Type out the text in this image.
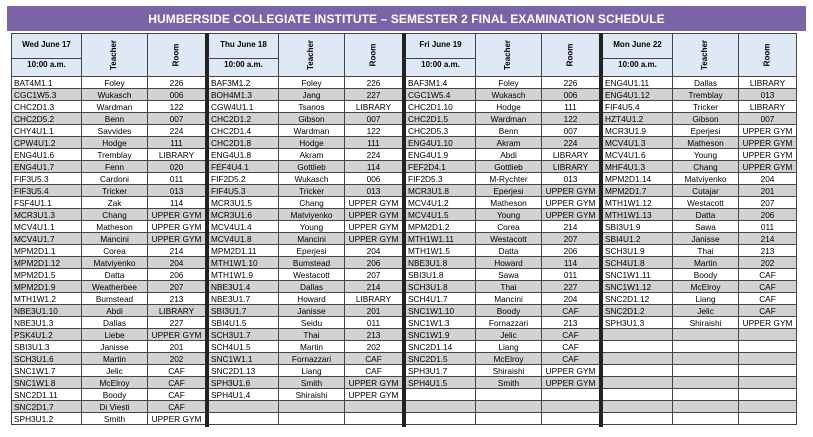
HUMBERSIDE COLLEGIATE INSTITUTE – SEMESTER 2 FINAL EXAMINATION SCHEDULE
Wed June 17
10:00 a.m.	Teacher	Room

BAT4M1.1	Foley	226
CGC1W5.3	Wukasch	006
CHC2D1.3	Wardman	122
CHC2D5.2	Benn	007
CHY4U1.1	Savvides	224
CPW4U1.2	Hodge	111
ENG4U1.6	Tremblay	LIBRARY
ENG4U1.7	Fenn	020
FIF3U5.3	Cardoni	011
FIF3U5.4	Tricker	013
FSF4U1.1	Zak	114
MCR3U1.3	Chang	UPPER GYM
MCV4U1.1	Matheson	UPPER GYM
MCV4U1.7	Mancini	UPPER GYM
MPM2D1.1	Corea	214
MPM2D1.12	Matviyenko	204
MPM2D1.5	Datta	206
MPM2D1.9	Weatherbee	207
MTH1W1.2	Bumstead	213
NBE3U1.10	Abdi	LIBRARY
NBE3U1.3	Dallas	227
PSK4U1.2	Liebe	UPPER GYM
SBI3U1.3	Janisse	201
SCH3U1.6	Martin	202
SNC1W1.7	Jelic	CAF
SNC1W1.8	McElroy	CAF
SNC2D1.11	Boody	CAF
SNC2D1.7	Di Viesti	CAF
SPH3U1.2	Smith	UPPER GYM
Thu June 18
10:00 a.m.	Teacher	Room

BAF3M1.2	Foley	226
BOH4M1.3	Jang	227
CGW4U1.1	Tsanos	LIBRARY
CHC2D1.2	Gibson	007
CHC2D1.4	Wardman	122
CHC2D1.8	Hodge	111
ENG4U1.8	Akram	224
FEF4U4.1	Gottlieb	114
FIF2D5.2	Wukasch	006
FIF4U5.3	Tricker	013
MCR3U1.5	Chang	UPPER GYM
MCR3U1.6	Matviyenko	UPPER GYM
MCV4U1.4	Young	UPPER GYM
MCV4U1.8	Mancini	UPPER GYM
MPM2D1.11	Eperjesi	204
MTH1W1.10	Bumstead	206
MTH1W1.9	Westacott	207
NBE3U1.4	Dallas	214
NBE3U1.7	Howard	LIBRARY
SBI3U1.7	Janisse	201
SBI4U1.5	Seidu	011
SCH3U1.7	Thai	213
SCH4U1.5	Martin	202
SNC1W1.1	Fornazzari	CAF
SNC2D1.13	Liang	CAF
SPH3U1.6	Smith	UPPER GYM
SPH4U1.4	Shiraishi	UPPER GYM

Fri June 19
10:00 a.m.	Teacher	Room

BAF3M1.4	Foley	226
CGC1W5.4	Wukasch	006
CHC2D1.10	Hodge	111
CHC2D1.5	Wardman	122
CHC2D5.3	Benn	007
ENG4U1.10	Akram	224
ENG4U1.9	Abdi	LIBRARY
FEF2D4.1	Gottlieb	LIBRARY
FIF2D5.3	M-Rychter	013
MCR3U1.8	Eperjesi	UPPER GYM
MCV4U1.2	Matheson	UPPER GYM
MCV4U1.5	Young	UPPER GYM
MPM2D1.2	Corea	214
MTH1W1.11	Westacott	207
MTH1W1.5	Datta	206
NBE3U1.8	Howard	114
SBI3U1.8	Sawa	011
SCH3U1.8	Thai	227
SCH4U1.7	Mancini	204
SNC1W1.10	Boody	CAF
SNC1W1.3	Fornazzari	213
SNC1W1.9	Jelic	CAF
SNC2D1.14	Liang	CAF
SNC2D1.5	McElroy	CAF
SPH3U1.7	Shiraishi	UPPER GYM
SPH4U1.5	Smith	UPPER GYM

Mon June 22
10:00 a.m.	Teacher	Room

ENG4U1.11	Dallas	LIBRARY
ENG4U1.12	Tremblay	013
FIF4U5.4	Tricker	LIBRARY
HZT4U1.2	Gibson	007
MCR3U1.9	Eperjesi	UPPER GYM
MCV4U1.3	Matheson	UPPER GYM
MCV4U1.6	Young	UPPER GYM
MHF4U1.3	Chang	UPPER GYM
MPM2D1.14	Matviyenko	204
MPM2D1.7	Cutajar	201
MTH1W1.12	Westacott	207
MTH1W1.13	Datta	206
SBI3U1.9	Sawa	011
SBI4U1.2	Janisse	214
SCH3U1.9	Thai	213
SCH4U1.8	Martin	202
SNC1W1.11	Boody	CAF
SNC1W1.12	McElroy	CAF
SNC2D1.12	Liang	CAF
SNC2D1.2	Jelic	CAF
SPH3U1.3	Shiraishi	UPPER GYM
